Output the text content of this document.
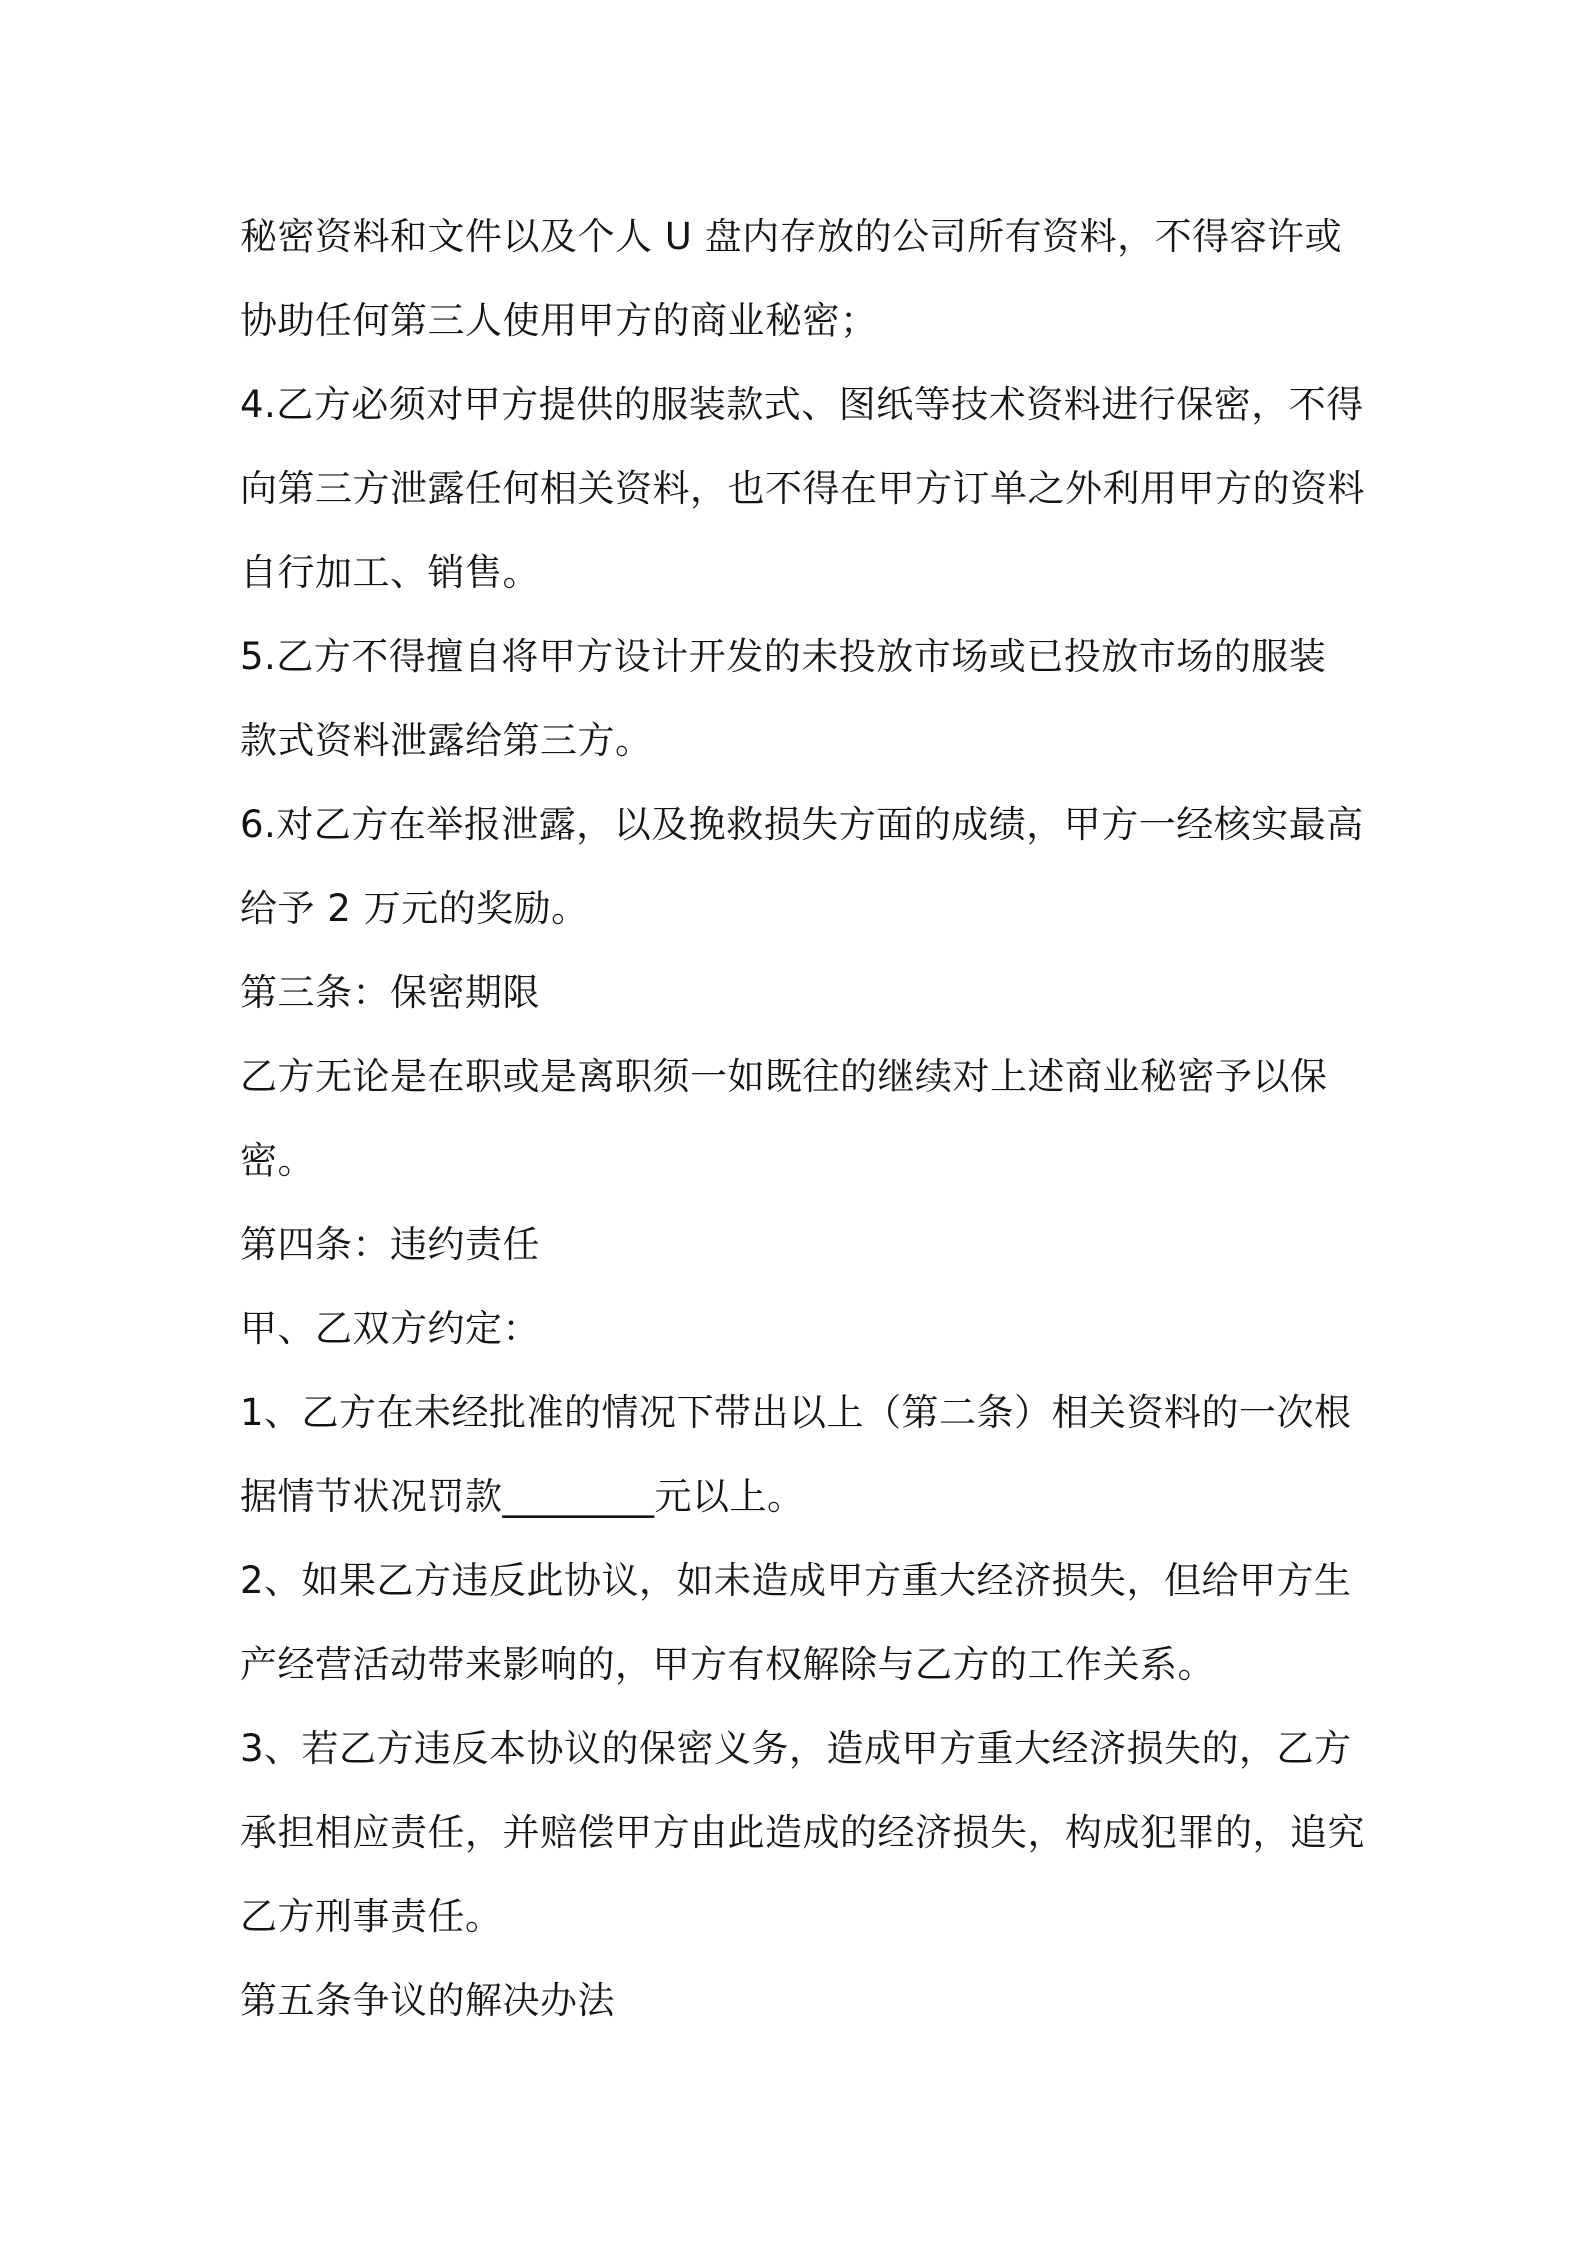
秘密资料和文件以及个人 U 盘内存放的公司所有资料，不得容许或
协助任何第三人使用甲方的商业秘密；
4.乙方必须对甲方提供的服装款式、图纸等技术资料进行保密，不得
向第三方泄露任何相关资料，也不得在甲方订单之外利用甲方的资料
自行加工、销售。
5.乙方不得擅自将甲方设计开发的未投放市场或已投放市场的服装
款式资料泄露给第三方。
6.对乙方在举报泄露，以及挽救损失方面的成绩，甲方一经核实最高
给予 2 万元的奖励。
第三条：保密期限
乙方无论是在职或是离职须一如既往的继续对上述商业秘密予以保
密。
第四条：违约责任
甲、乙双方约定：
1、乙方在未经批准的情况下带出以上（第二条）相关资料的一次根
据情节状况罚款________元以上。
2、如果乙方违反此协议，如未造成甲方重大经济损失，但给甲方生
产经营活动带来影响的，甲方有权解除与乙方的工作关系。
3、若乙方违反本协议的保密义务，造成甲方重大经济损失的，乙方
承担相应责任，并赔偿甲方由此造成的经济损失，构成犯罪的，追究
乙方刑事责任。
第五条争议的解决办法
